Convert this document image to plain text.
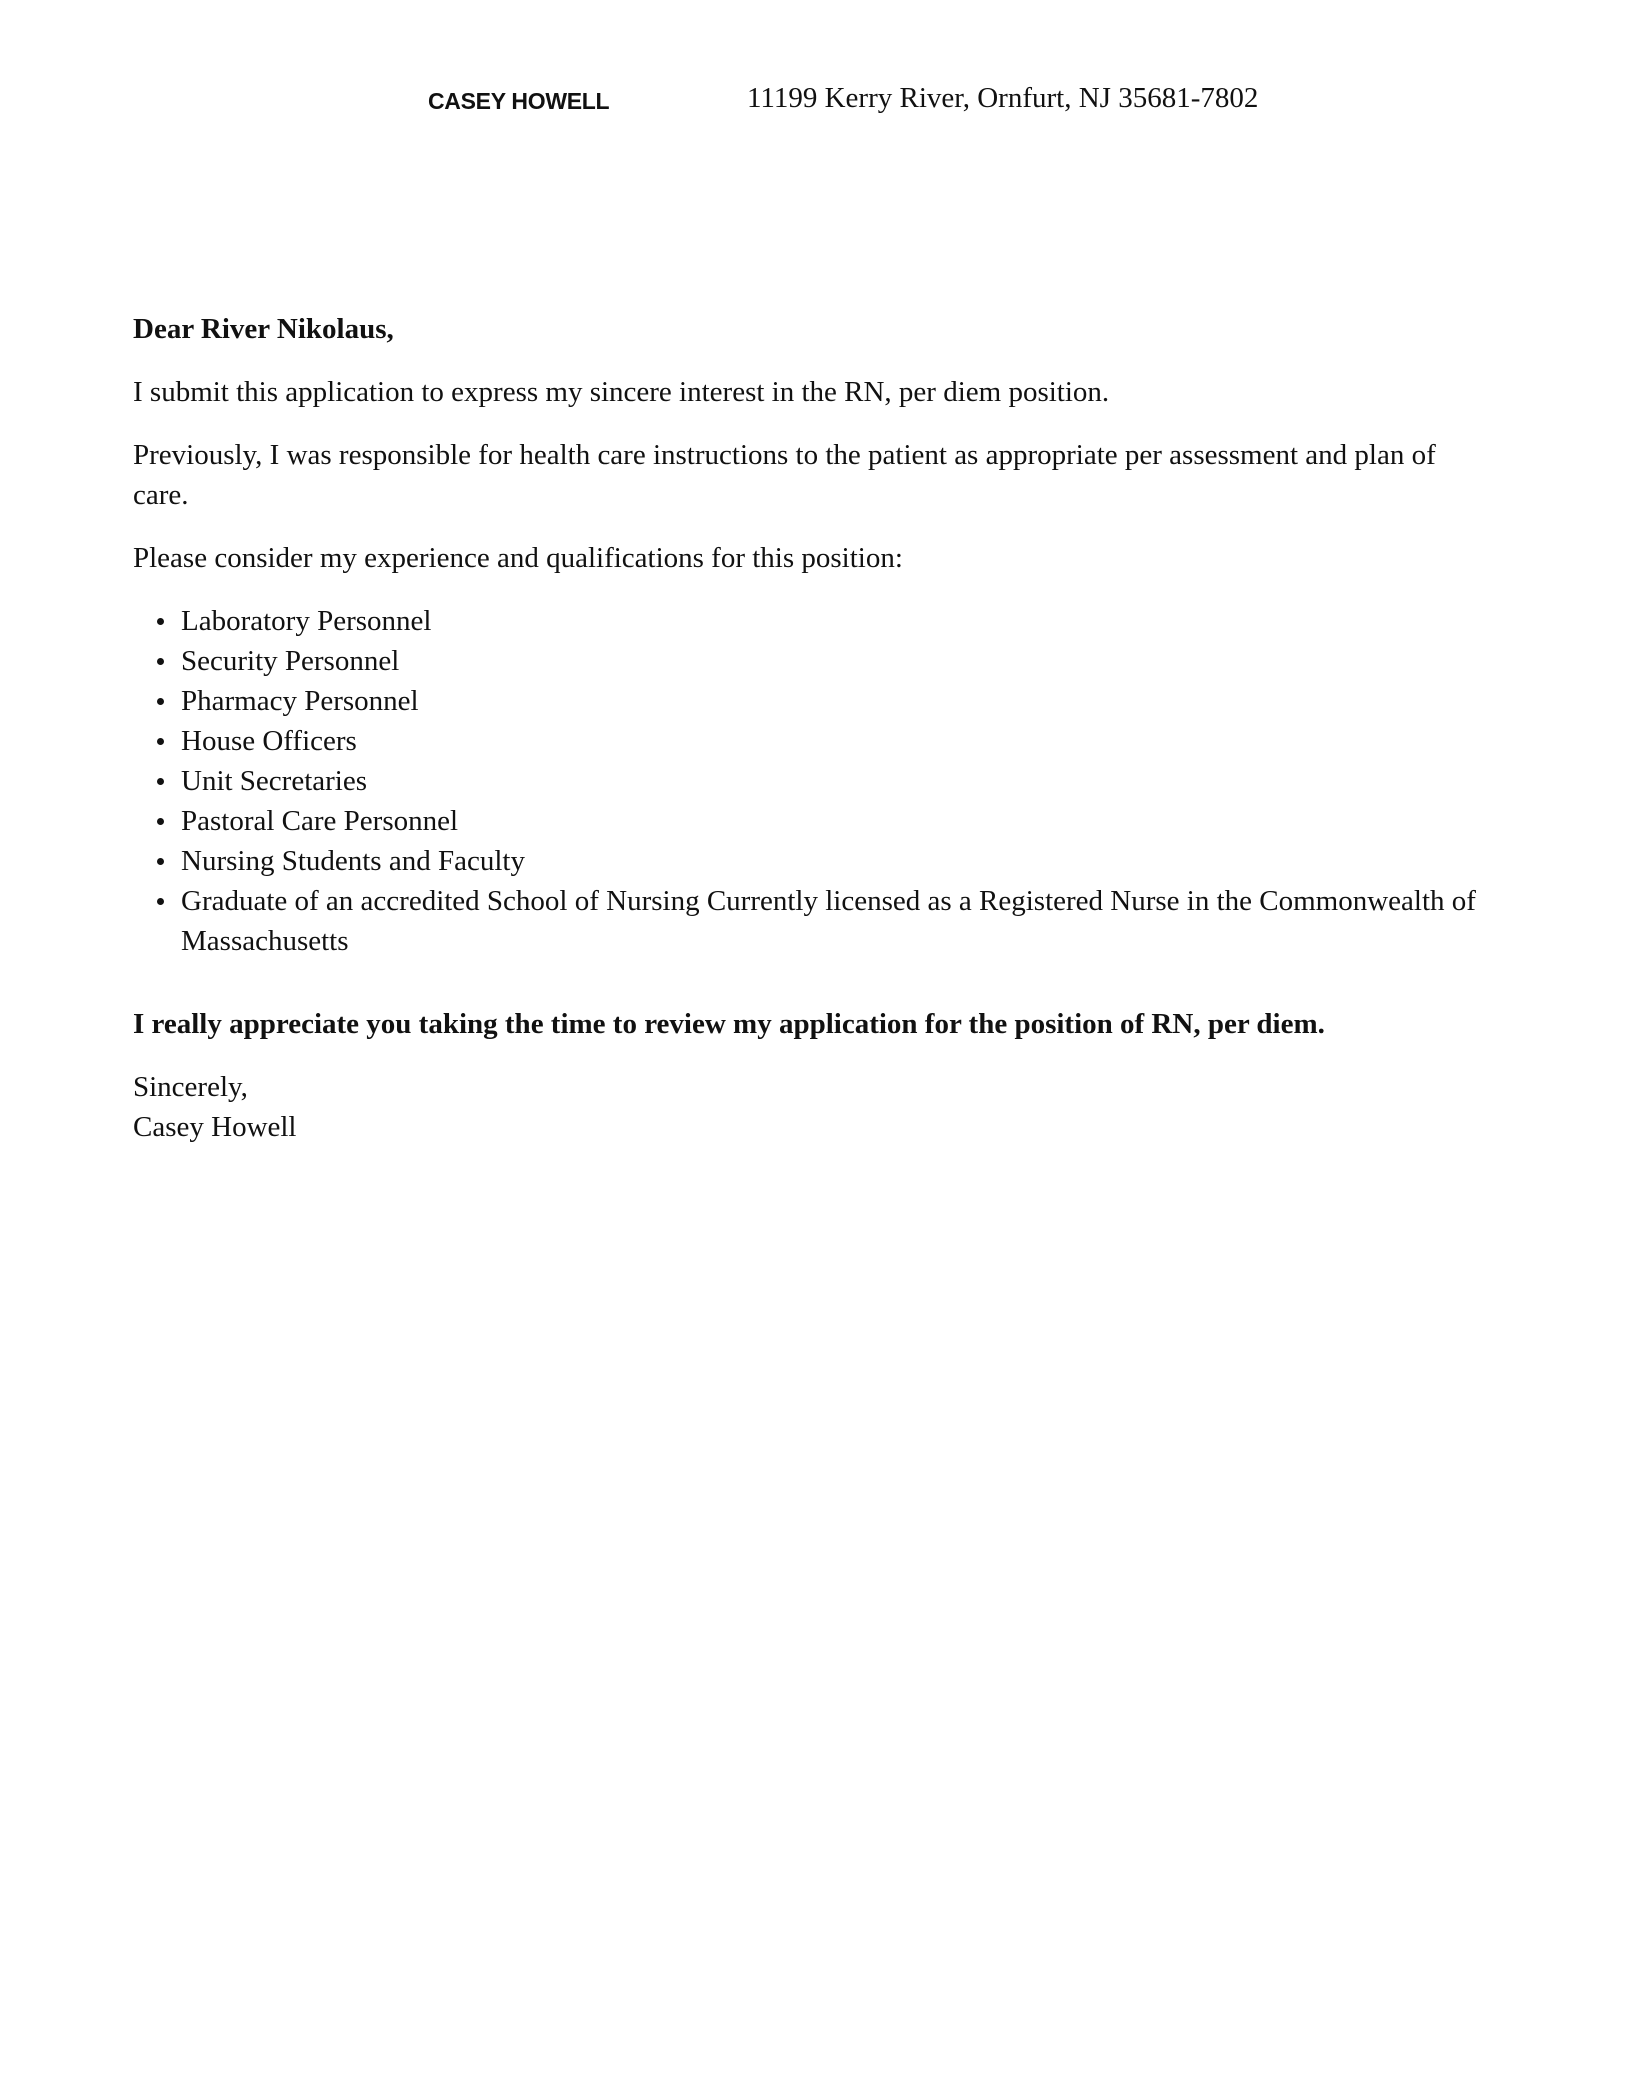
CASEY HOWELL	11199 Kerry River, Ornfurt, NJ 35681-7802

Dear River Nikolaus,

I submit this application to express my sincere interest in the RN, per diem position.

Previously, I was responsible for health care instructions to the patient as appropriate per assessment and plan of care.

Please consider my experience and qualifications for this position:

Laboratory Personnel
Security Personnel
Pharmacy Personnel
House Officers
Unit Secretaries
Pastoral Care Personnel
Nursing Students and Faculty
Graduate of an accredited School of Nursing Currently licensed as a Registered Nurse in the Commonwealth of Massachusetts

I really appreciate you taking the time to review my application for the position of RN, per diem.

Sincerely,
Casey Howell
